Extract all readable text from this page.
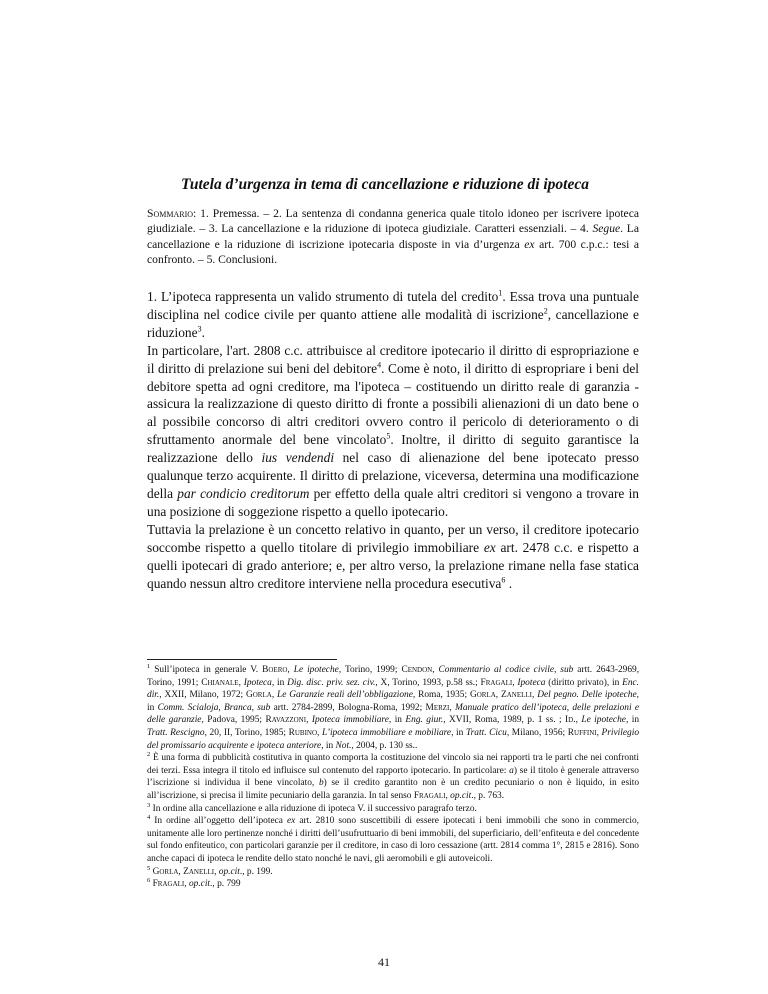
Tutela d’urgenza in tema di cancellazione e riduzione di ipoteca
Sommario: 1. Premessa. – 2. La sentenza di condanna generica quale titolo idoneo per iscrivere ipoteca giudiziale. – 3. La cancellazione e la riduzione di ipoteca giudiziale. Caratteri essenziali. – 4. Segue. La cancellazione e la riduzione di iscrizione ipotecaria disposte in via d’urgenza ex art. 700 c.p.c.: tesi a confronto. – 5. Conclusioni.

1. L’ipoteca rappresenta un valido strumento di tutela del credito$^1$. Essa trova una puntuale disciplina nel codice civile per quanto attiene alle modalità di iscrizione$^2$, cancellazione e riduzione$^3$.

In particolare, l'art. 2808 c.c. attribuisce al creditore ipotecario il diritto di espropriazione e il diritto di prelazione sui beni del debitore$^4$. Come è noto, il diritto di espropriare i beni del debitore spetta ad ogni creditore, ma l'ipoteca – costituendo un diritto reale di garanzia - assicura la realizzazione di questo diritto di fronte a possibili alienazioni di un dato bene o al possibile concorso di altri creditori ovvero contro il pericolo di deterioramento o di sfruttamento anormale del bene vincolato$^5$. Inoltre, il diritto di seguito garantisce la realizzazione dello ius vendendi nel caso di alienazione del bene ipotecato presso qualunque terzo acquirente. Il diritto di prelazione, viceversa, determina una modificazione della par condicio creditorum per effetto della quale altri creditori si vengono a trovare in una posizione di soggezione rispetto a quello ipotecario.

Tuttavia la prelazione è un concetto relativo in quanto, per un verso, il creditore ipotecario soccombe rispetto a quello titolare di privilegio immobiliare ex art. 2478 c.c. e rispetto a quelli ipotecari di grado anteriore; e, per altro verso, la prelazione rimane nella fase statica quando nessun altro creditore interviene nella procedura esecutiva$^6$ .

$^1$ Sull’ipoteca in generale V. Boero, Le ipoteche, Torino, 1999; Cendon, Commentario al codice civile, sub artt. 2643-2969, Torino, 1991; Chianale, Ipoteca, in Dig. disc. priv. sez. civ., X, Torino, 1993, p.58 ss.; Fragali, Ipoteca (diritto privato), in Enc. dir., XXII, Milano, 1972; Gorla, Le Garanzie reali dell’obbligazione, Roma, 1935; Gorla, Zanelli, Del pegno. Delle ipoteche, in Comm. Scialoja, Branca, sub artt. 2784-2899, Bologna-Roma, 1992; Merzi, Manuale pratico dell’ipoteca, delle prelazioni e delle garanzie, Padova, 1995; Ravazzoni, Ipoteca immobiliare, in Eng. giur., XVII, Roma, 1989, p. 1 ss. ; Id., Le ipoteche, in Tratt. Rescigno, 20, II, Torino, 1985; Rubino, L’ipoteca immobiliare e mobiliare, in Tratt. Cicu, Milano, 1956; Ruffini, Privilegio del promissario acquirente e ipoteca anteriore, in Not., 2004, p. 130 ss..

$^2$ È una forma di pubblicità costitutiva in quanto comporta la costituzione del vincolo sia nei rapporti tra le parti che nei confronti dei terzi. Essa integra il titolo ed influisce sul contenuto del rapporto ipotecario. In particolare: a) se il titolo è generale attraverso l’iscrizione si individua il bene vincolato, b) se il credito garantito non è un credito pecuniario o non è liquido, in esito all’iscrizione, si precisa il limite pecuniario della garanzia. In tal senso Fragali, op.cit., p. 763.

$^3$ In ordine alla cancellazione e alla riduzione di ipoteca V. il successivo paragrafo terzo.

$^4$ In ordine all’oggetto dell’ipoteca ex art. 2810 sono suscettibili di essere ipotecati i beni immobili che sono in commercio, unitamente alle loro pertinenze nonché i diritti dell’usufruttuario di beni immobili, del superficiario, dell’enfiteuta e del concedente sul fondo enfiteutico, con particolari garanzie per il creditore, in caso di loro cessazione (artt. 2814 comma 1°, 2815 e 2816). Sono anche capaci di ipoteca le rendite dello stato nonché le navi, gli aeromobili e gli autoveicoli.

$^5$ Gorla, Zanelli, op.cit., p. 199.

$^6$ Fragali, op.cit., p. 799

41
